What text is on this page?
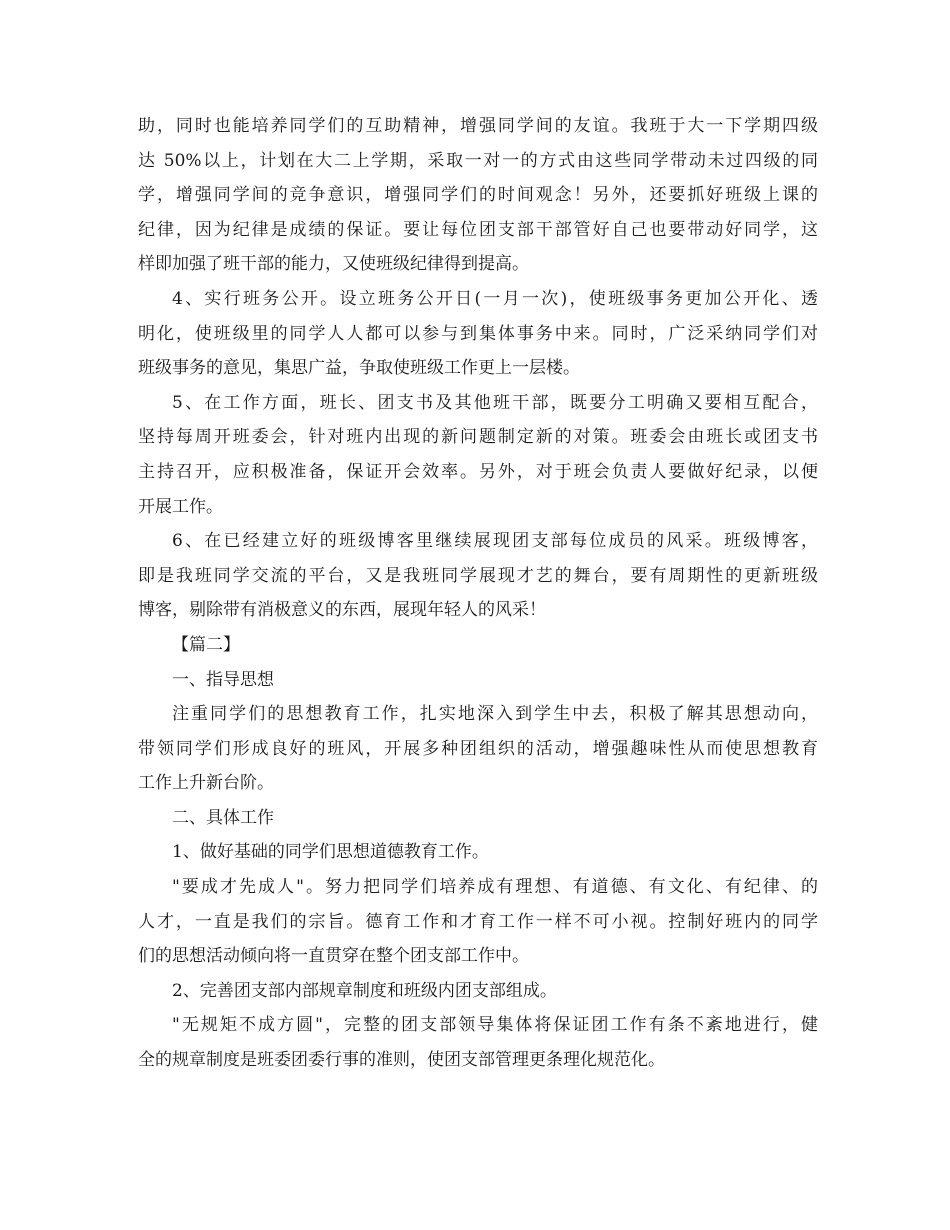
助，同时也能培养同学们的互助精神，增强同学间的友谊。我班于大一下学期四级
达 50%以上，计划在大二上学期，采取一对一的方式由这些同学带动未过四级的同
学，增强同学间的竞争意识，增强同学们的时间观念！另外，还要抓好班级上课的
纪律，因为纪律是成绩的保证。要让每位团支部干部管好自己也要带动好同学，这
样即加强了班干部的能力，又使班级纪律得到提高。
4、实行班务公开。设立班务公开日(一月一次)，使班级事务更加公开化、透
明化，使班级里的同学人人都可以参与到集体事务中来。同时，广泛采纳同学们对
班级事务的意见，集思广益，争取使班级工作更上一层楼。
5、在工作方面，班长、团支书及其他班干部，既要分工明确又要相互配合，
坚持每周开班委会，针对班内出现的新问题制定新的对策。班委会由班长或团支书
主持召开，应积极准备，保证开会效率。另外，对于班会负责人要做好纪录，以便
开展工作。
6、在已经建立好的班级博客里继续展现团支部每位成员的风采。班级博客，
即是我班同学交流的平台，又是我班同学展现才艺的舞台，要有周期性的更新班级
博客，剔除带有消极意义的东西，展现年轻人的风采！
【篇二】
一、指导思想
注重同学们的思想教育工作，扎实地深入到学生中去，积极了解其思想动向，
带领同学们形成良好的班风，开展多种团组织的活动，增强趣味性从而使思想教育
工作上升新台阶。
二、具体工作
1、做好基础的同学们思想道德教育工作。
"要成才先成人"。努力把同学们培养成有理想、有道德、有文化、有纪律、的
人才，一直是我们的宗旨。德育工作和才育工作一样不可小视。控制好班内的同学
们的思想活动倾向将一直贯穿在整个团支部工作中。
2、完善团支部内部规章制度和班级内团支部组成。
"无规矩不成方圆"，完整的团支部领导集体将保证团工作有条不紊地进行，健
全的规章制度是班委团委行事的准则，使团支部管理更条理化规范化。
